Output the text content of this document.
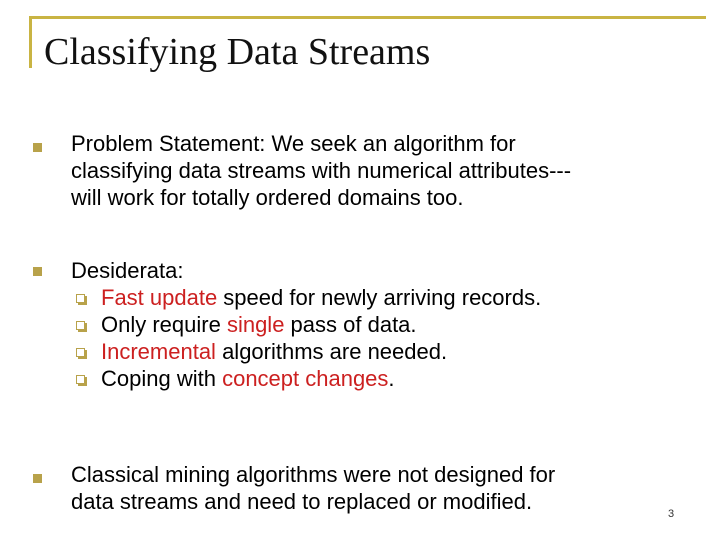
Classifying Data Streams
Problem Statement: We seek an algorithm for
classifying data streams with numerical attributes---
will work for totally ordered domains too.
Desiderata:
Fast update speed for newly arriving records.
Only require single pass of data.
Incremental algorithms are needed.
Coping with concept changes.
Classical mining algorithms were not designed for
data streams and need to replaced or modified.	3
